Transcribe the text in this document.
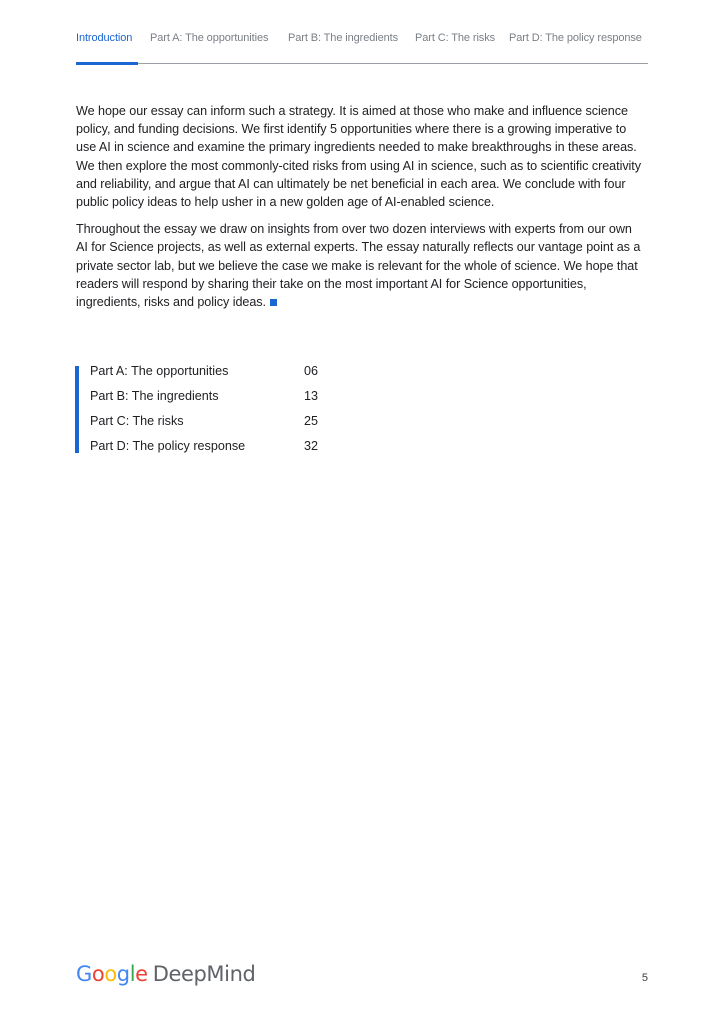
Introduction Part A: The opportunities Part B: The ingredients Part C: The risks Part D: The policy response

We hope our essay can inform such a strategy. It is aimed at those who make and influence science policy, and funding decisions. We first identify 5 opportunities where there is a growing imperative to use AI in science and examine the primary ingredients needed to make breakthroughs in these areas. We then explore the most commonly-cited risks from using AI in science, such as to scientific creativity and reliability, and argue that AI can ultimately be net beneficial in each area. We conclude with four public policy ideas to help usher in a new golden age of AI-enabled science.

Throughout the essay we draw on insights from over two dozen interviews with experts from our own AI for Science projects, as well as external experts. The essay naturally reflects our vantage point as a private sector lab, but we believe the case we make is relevant for the whole of science. We hope that readers will respond by sharing their take on the most important AI for Science opportunities, ingredients, risks and policy ideas.

Part A: The opportunities	06
Part B: The ingredients	13
Part C: The risks	25
Part D: The policy response	32
Google DeepMind	5
